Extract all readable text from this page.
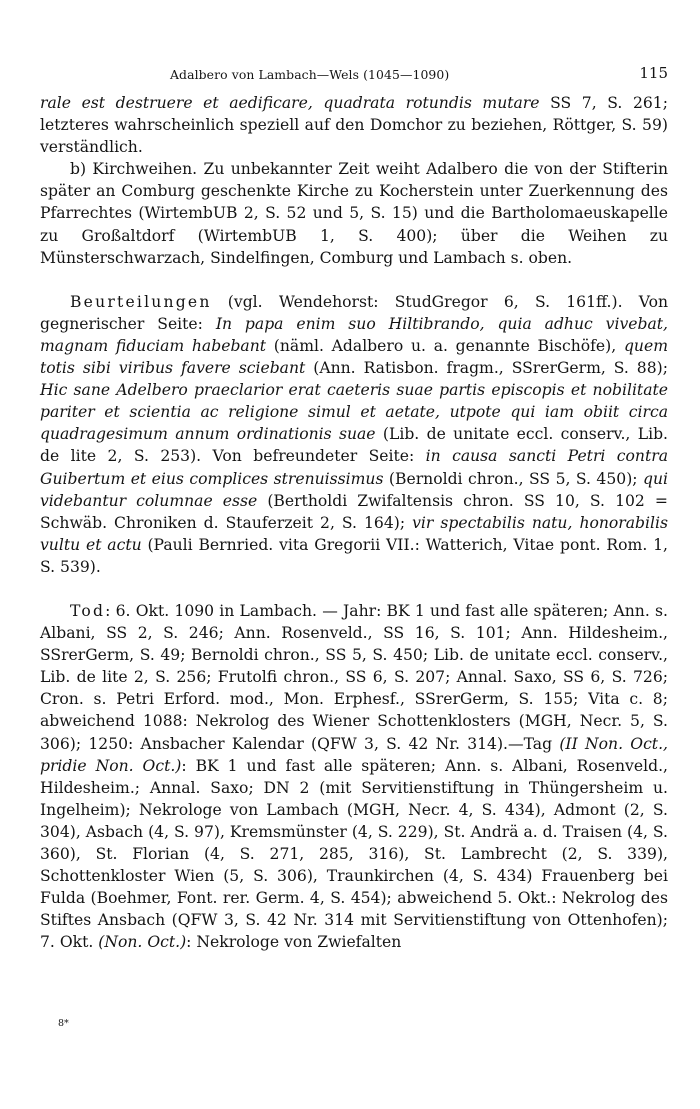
Adalbero von Lambach—Wels (1045—1090)	115

rale est destruere et aedificare, quadrata rotundis mutare SS 7, S. 261; letzteres wahrscheinlich speziell auf den Domchor zu beziehen, Röttger, S. 59) verständlich.

b) Kirchweihen. Zu unbekannter Zeit weiht Adalbero die von der Stifterin später an Comburg geschenkte Kirche zu Kocherstein unter Zuerkennung des Pfarrechtes (WirtembUB 2, S. 52 und 5, S. 15) und die Bartholomaeuskapelle zu Großaltdorf (WirtembUB 1, S. 400); über die Weihen zu Münsterschwarzach, Sindelfingen, Comburg und Lambach s. oben.

Beurteilungen (vgl. Wendehorst: StudGregor 6, S. 161ff.). Von gegnerischer Seite: In papa enim suo Hiltibrando, quia adhuc vivebat, magnam fiduciam habebant (näml. Adalbero u. a. genannte Bischöfe), quem totis sibi viribus favere sciebant (Ann. Ratisbon. fragm., SSrerGerm, S. 88); Hic sane Adelbero praeclarior erat caeteris suae partis episcopis et nobilitate pariter et scientia ac religione simul et aetate, utpote qui iam obiit circa quadragesimum annum ordinationis suae (Lib. de unitate eccl. conserv., Lib. de lite 2, S. 253). Von befreundeter Seite: in causa sancti Petri contra Guibertum et eius complices strenuissimus (Bernoldi chron., SS 5, S. 450); qui videbantur columnae esse (Bertholdi Zwifaltensis chron. SS 10, S. 102 = Schwäb. Chroniken d. Stauferzeit 2, S. 164); vir spectabilis natu, honorabilis vultu et actu (Pauli Bernried. vita Gregorii VII.: Watterich, Vitae pont. Rom. 1, S. 539).

Tod: 6. Okt. 1090 in Lambach. — Jahr: BK 1 und fast alle späteren; Ann. s. Albani, SS 2, S. 246; Ann. Rosenveld., SS 16, S. 101; Ann. Hildesheim., SSrerGerm, S. 49; Bernoldi chron., SS 5, S. 450; Lib. de unitate eccl. conserv., Lib. de lite 2, S. 256; Frutolfi chron., SS 6, S. 207; Annal. Saxo, SS 6, S. 726; Cron. s. Petri Erford. mod., Mon. Erphesf., SSrerGerm, S. 155; Vita c. 8; abweichend 1088: Nekrolog des Wiener Schottenklosters (MGH, Necr. 5, S. 306); 1250: Ansbacher Kalendar (QFW 3, S. 42 Nr. 314).—Tag (II Non. Oct., pridie Non. Oct.): BK 1 und fast alle späteren; Ann. s. Albani, Rosenveld., Hildesheim.; Annal. Saxo; DN 2 (mit Servitienstiftung in Thüngersheim u. Ingelheim); Nekrologe von Lambach (MGH, Necr. 4, S. 434), Admont (2, S. 304), Asbach (4, S. 97), Kremsmünster (4, S. 229), St. Andrä a. d. Traisen (4, S. 360), St. Florian (4, S. 271, 285, 316), St. Lambrecht (2, S. 339), Schottenkloster Wien (5, S. 306), Traunkirchen (4, S. 434) Frauenberg bei Fulda (Boehmer, Font. rer. Germ. 4, S. 454); abweichend 5. Okt.: Nekrolog des Stiftes Ansbach (QFW 3, S. 42 Nr. 314 mit Servitienstiftung von Ottenhofen); 7. Okt. (Non. Oct.): Nekrologe von Zwiefalten

8*
